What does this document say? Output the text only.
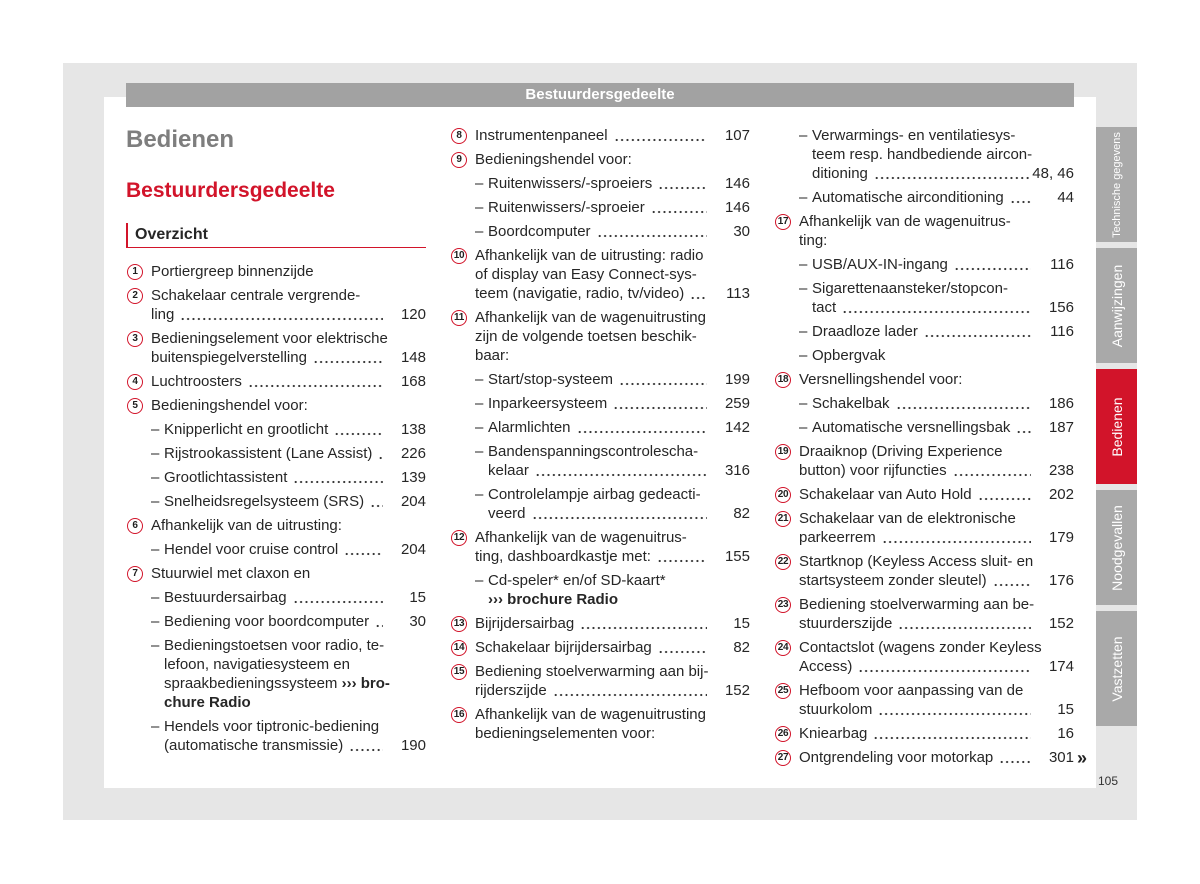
Bestuurdersgedeelte
Bedienen
Bestuurdersgedeelte
Overzicht
1 Portiergreep binnenzijde
2 Schakelaar centrale vergrende-
ling	120
3 Bedieningselement voor elektrische
buitenspiegelverstelling	148
4 Luchtroosters	168
5 Bedieningshendel voor:
– Knipperlicht en grootlicht	138
– Rijstrookassistent (Lane Assist)	226
– Grootlichtassistent	139
– Snelheidsregelsysteem (SRS)	204
6 Afhankelijk van de uitrusting:
– Hendel voor cruise control	204
7 Stuurwiel met claxon en
– Bestuurdersairbag	15
– Bediening voor boordcomputer	30
– Bedieningstoetsen voor radio, te-
lefoon, navigatiesysteem en
spraakbedieningssysteem ››› bro-
chure Radio
– Hendels voor tiptronic-bediening
(automatische transmissie)	190
8 Instrumentenpaneel	107
9 Bedieningshendel voor:
– Ruitenwissers/-sproeiers	146
– Ruitenwissers/-sproeier	146
– Boordcomputer	30
10 Afhankelijk van de uitrusting: radio
of display van Easy Connect-sys-
teem (navigatie, radio, tv/video)	113
11 Afhankelijk van de wagenuitrusting
zijn de volgende toetsen beschik-
baar:
– Start/stop-systeem	199
– Inparkeersysteem	259
– Alarmlichten	142
– Bandenspanningscontrolescha-
kelaar	316
– Controlelampje airbag gedeacti-
veerd	82
12 Afhankelijk van de wagenuitrus-
ting, dashboardkastje met:	155
– Cd-speler* en/of SD-kaart*
››› brochure Radio
13 Bijrijdersairbag	15
14 Schakelaar bijrijdersairbag	82
15 Bediening stoelverwarming aan bij-
rijderszijde	152
16 Afhankelijk van de wagenuitrusting
bedieningselementen voor:
– Verwarmings- en ventilatiesys-
teem resp. handbediende aircon-
ditioning	48, 46
– Automatische airconditioning	44
17 Afhankelijk van de wagenuitrus-
ting:
– USB/AUX-IN-ingang	116
– Sigarettenaansteker/stopcon-
tact	156
– Draadloze lader	116
– Opbergvak
18 Versnellingshendel voor:
– Schakelbak	186
– Automatische versnellingsbak	187
19 Draaiknop (Driving Experience
button) voor rijfuncties	238
20 Schakelaar van Auto Hold	202
21 Schakelaar van de elektronische
parkeerrem	179
22 Startknop (Keyless Access sluit- en
startsysteem zonder sleutel)	176
23 Bediening stoelverwarming aan be-
stuurderszijde	152
24 Contactslot (wagens zonder Keyless
Access)	174
25 Hefboom voor aanpassing van de
stuurkolom	15
26 Kniearbag	16
27 Ontgrendeling voor motorkap	301 »
Technische gegevens
Aanwijzingen
Bedienen
Noodgevallen
Vastzetten
105
